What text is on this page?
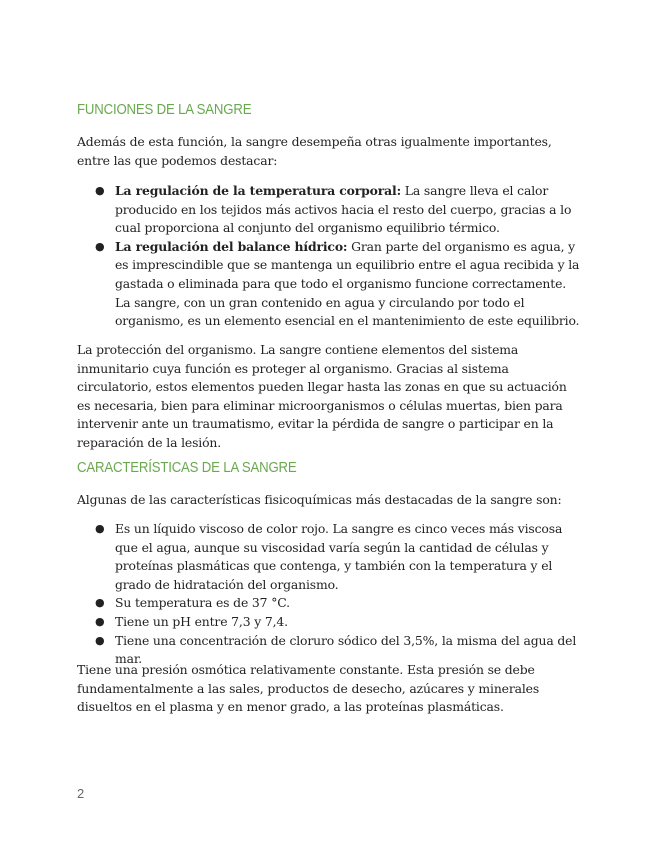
FUNCIONES DE LA SANGRE

Además de esta función, la sangre desempeña otras igualmente importantes, entre las que podemos destacar:

● La regulación de la temperatura corporal: La sangre lleva el calor producido en los tejidos más activos hacia el resto del cuerpo, gracias a lo cual proporciona al conjunto del organismo equilibrio térmico.
● La regulación del balance hídrico: Gran parte del organismo es agua, y es imprescindible que se mantenga un equilibrio entre el agua recibida y la gastada o eliminada para que todo el organismo funcione correctamente. La sangre, con un gran contenido en agua y circulando por todo el organismo, es un elemento esencial en el mantenimiento de este equilibrio.

La protección del organismo. La sangre contiene elementos del sistema inmunitario cuya función es proteger al organismo. Gracias al sistema circulatorio, estos elementos pueden llegar hasta las zonas en que su actuación es necesaria, bien para eliminar microorganismos o células muertas, bien para intervenir ante un traumatismo, evitar la pérdida de sangre o participar en la reparación de la lesión.

CARACTERÍSTICAS DE LA SANGRE

Algunas de las características fisicoquímicas más destacadas de la sangre son:

● Es un líquido viscoso de color rojo. La sangre es cinco veces más viscosa que el agua, aunque su viscosidad varía según la cantidad de células y proteínas plasmáticas que contenga, y también con la temperatura y el grado de hidratación del organismo.
● Su temperatura es de 37 °C.
● Tiene un pH entre 7,3 y 7,4.
● Tiene una concentración de cloruro sódico del 3,5%, la misma del agua del mar.

Tiene una presión osmótica relativamente constante. Esta presión se debe fundamentalmente a las sales, productos de desecho, azúcares y minerales disueltos en el plasma y en menor grado, a las proteínas plasmáticas.

2
